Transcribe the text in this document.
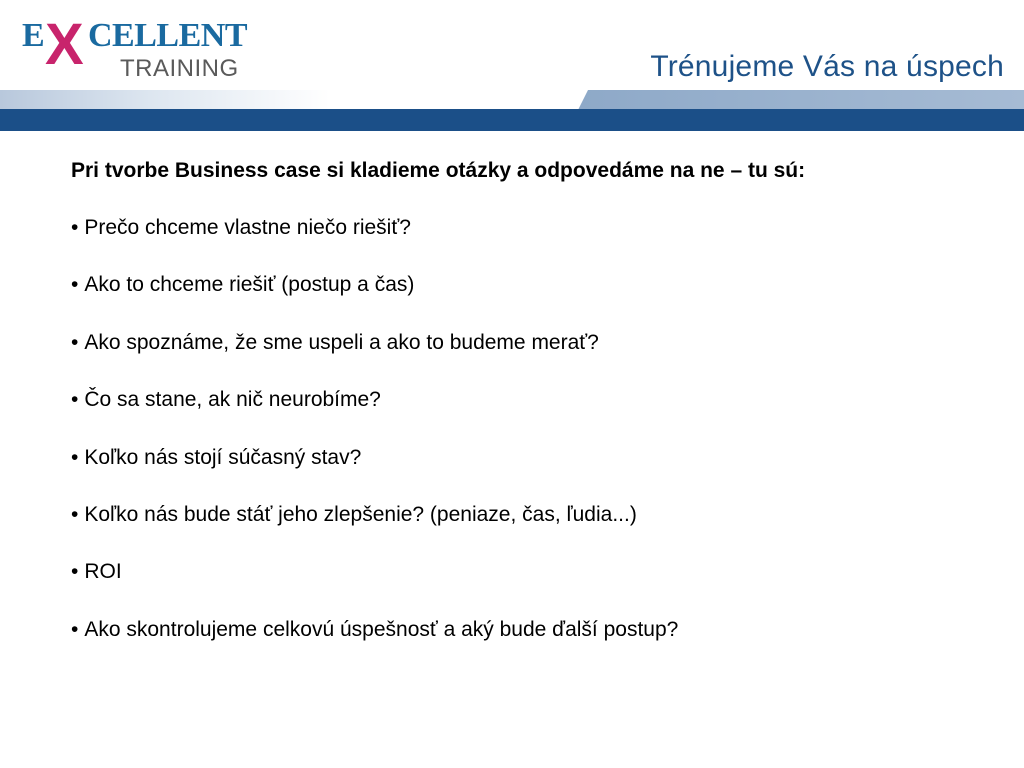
E X CELLENT
TRAINING	Trénujeme Vás na úspech

Pri tvorbe Business case si kladieme otázky a odpovedáme na ne – tu sú:

• Prečo chceme vlastne niečo riešiť?
• Ako to chceme riešiť (postup a čas)
• Ako spoznáme, že sme uspeli a ako to budeme merať?
• Čo sa stane, ak nič neurobíme?
• Koľko nás stojí súčasný stav?
• Koľko nás bude stáť jeho zlepšenie? (peniaze, čas, ľudia...)
• ROI
• Ako skontrolujeme celkovú úspešnosť a aký bude ďalší postup?
